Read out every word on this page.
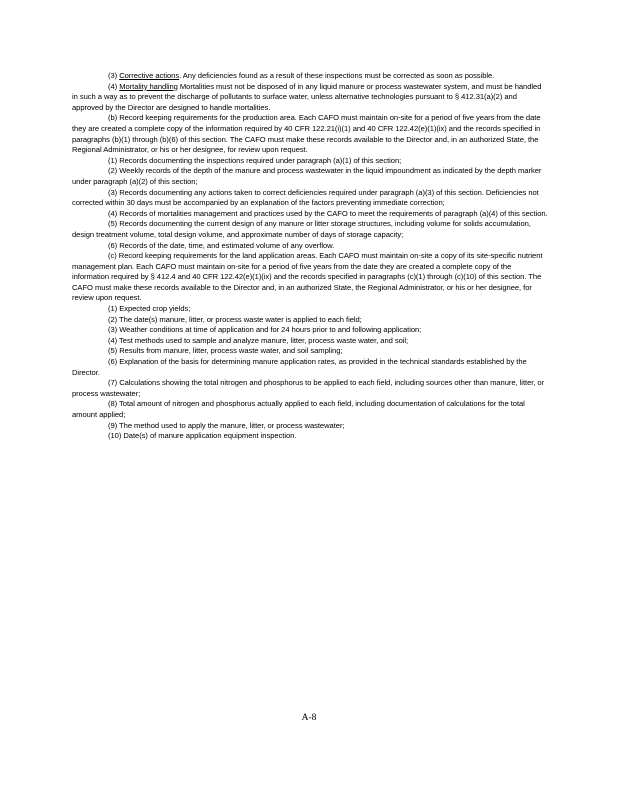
(3) Corrective actions. Any deficiencies found as a result of these inspections must be corrected as soon as possible.

(4) Mortality handling Mortalities must not be disposed of in any liquid manure or process wastewater system, and must be handled in such a way as to prevent the discharge of pollutants to surface water, unless alternative technologies pursuant to § 412.31(a)(2) and approved by the Director are designed to handle mortalities.

(b) Record keeping requirements for the production area. Each CAFO must maintain on-site for a period of five years from the date they are created a complete copy of the information required by 40 CFR 122.21(i)(1) and 40 CFR 122.42(e)(1)(ix) and the records specified in paragraphs (b)(1) through (b)(6) of this section. The CAFO must make these records available to the Director and, in an authorized State, the Regional Administrator, or his or her designee, for review upon request.

(1) Records documenting the inspections required under paragraph (a)(1) of this section;

(2) Weekly records of the depth of the manure and process wastewater in the liquid impoundment as indicated by the depth marker under paragraph (a)(2) of this section;

(3) Records documenting any actions taken to correct deficiencies required under paragraph (a)(3) of this section. Deficiencies not corrected within 30 days must be accompanied by an explanation of the factors preventing immediate correction;

(4) Records of mortalities management and practices used by the CAFO to meet the requirements of paragraph (a)(4) of this section.

(5) Records documenting the current design of any manure or litter storage structures, including volume for solids accumulation, design treatment volume, total design volume, and approximate number of days of storage capacity;

(6) Records of the date, time, and estimated volume of any overflow.

(c) Record keeping requirements for the land application areas. Each CAFO must maintain on-site a copy of its site-specific nutrient management plan. Each CAFO must maintain on-site for a period of five years from the date they are created a complete copy of the information required by § 412.4 and 40 CFR 122.42(e)(1)(ix) and the records specified in paragraphs (c)(1) through (c)(10) of this section. The CAFO must make these records available to the Director and, in an authorized State, the Regional Administrator, or his or her designee, for review upon request.

(1) Expected crop yields;

(2) The date(s) manure, litter, or process waste water is applied to each field;

(3) Weather conditions at time of application and for 24 hours prior to and following application;

(4) Test methods used to sample and analyze manure, litter, process waste water, and soil;

(5) Results from manure, litter, process waste water, and soil sampling;

(6) Explanation of the basis for determining manure application rates, as provided in the technical standards established by the Director.

(7) Calculations showing the total nitrogen and phosphorus to be applied to each field, including sources other than manure, litter, or process wastewater;

(8) Total amount of nitrogen and phosphorus actually applied to each field, including documentation of calculations for the total amount applied;

(9) The method used to apply the manure, litter, or process wastewater;

(10) Date(s) of manure application equipment inspection.

A-8
